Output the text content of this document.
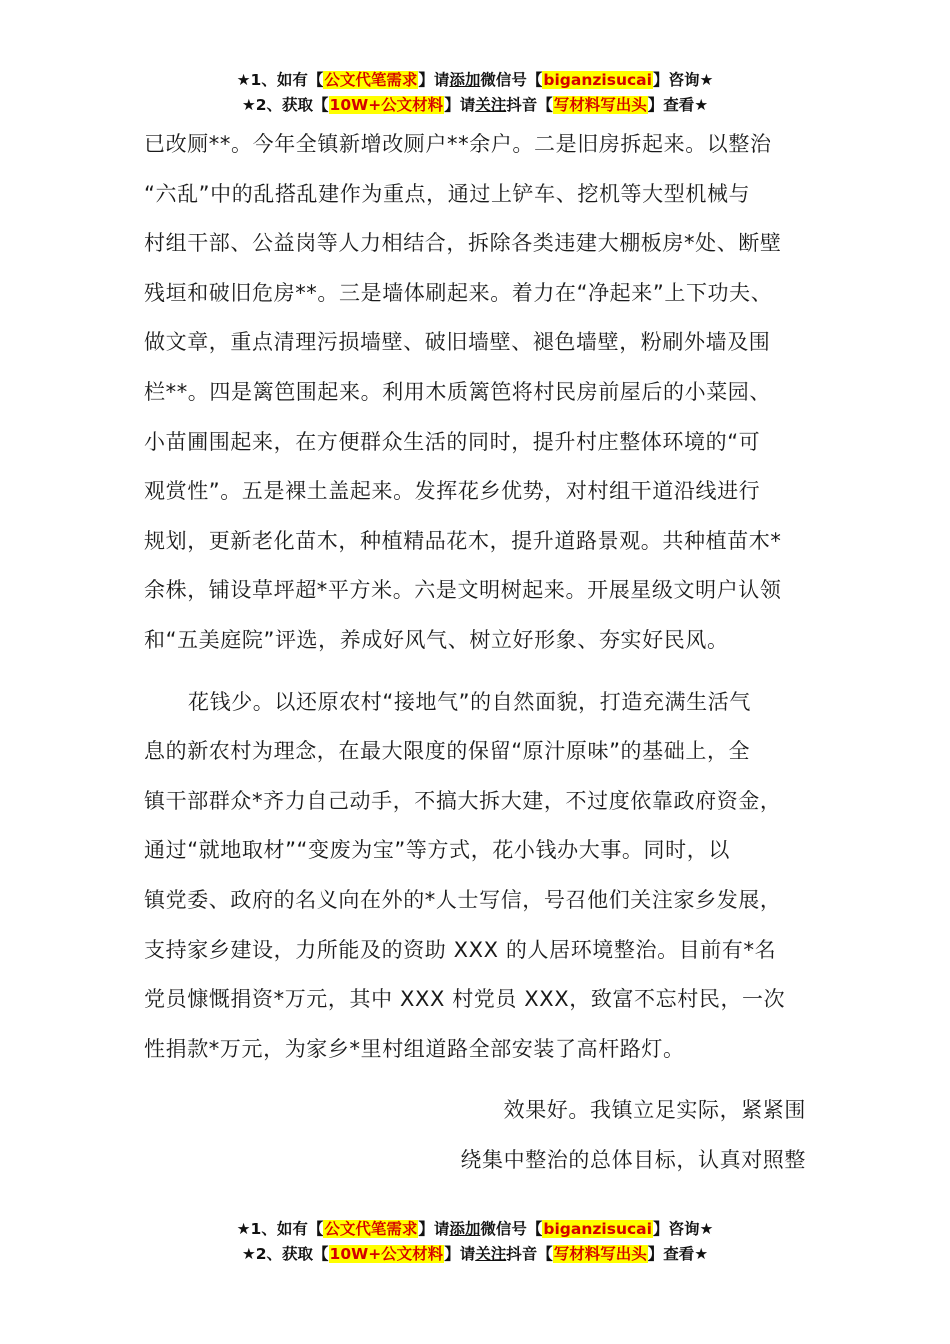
★1、如有【公文代笔需求】请添加微信号【biganzisucai】咨询★
★2、获取【10W+公文材料】请关注抖音【写材料写出头】查看★
已改厕**。今年全镇新增改厕户**余户。二是旧房拆起来。以整治
“六乱”中的乱搭乱建作为重点，通过上铲车、挖机等大型机械与
村组干部、公益岗等人力相结合，拆除各类违建大棚板房*处、断壁
残垣和破旧危房**。三是墙体刷起来。着力在“净起来”上下功夫、
做文章，重点清理污损墙壁、破旧墙壁、褪色墙壁，粉刷外墙及围
栏**。四是篱笆围起来。利用木质篱笆将村民房前屋后的小菜园、
小苗圃围起来，在方便群众生活的同时，提升村庄整体环境的“可
观赏性”。五是裸土盖起来。发挥花乡优势，对村组干道沿线进行
规划，更新老化苗木，种植精品花木，提升道路景观。共种植苗木*
余株，铺设草坪超*平方米。六是文明树起来。开展星级文明户认领
和“五美庭院”评选，养成好风气、树立好形象、夯实好民风。
花钱少。以还原农村“接地气”的自然面貌，打造充满生活气
息的新农村为理念，在最大限度的保留“原汁原味”的基础上，全
镇干部群众*齐力自己动手，不搞大拆大建，不过度依靠政府资金，
通过“就地取材”“变废为宝”等方式，花小钱办大事。同时，以
镇党委、政府的名义向在外的*人士写信，号召他们关注家乡发展，
支持家乡建设，力所能及的资助 XXX 的人居环境整治。目前有*名
党员慷慨捐资*万元，其中 XXX 村党员 XXX，致富不忘村民，一次
性捐款*万元，为家乡*里村组道路全部安装了高杆路灯。
效果好。我镇立足实际，紧紧围
绕集中整治的总体目标，认真对照整
★1、如有【公文代笔需求】请添加微信号【biganzisucai】咨询★
★2、获取【10W+公文材料】请关注抖音【写材料写出头】查看★
